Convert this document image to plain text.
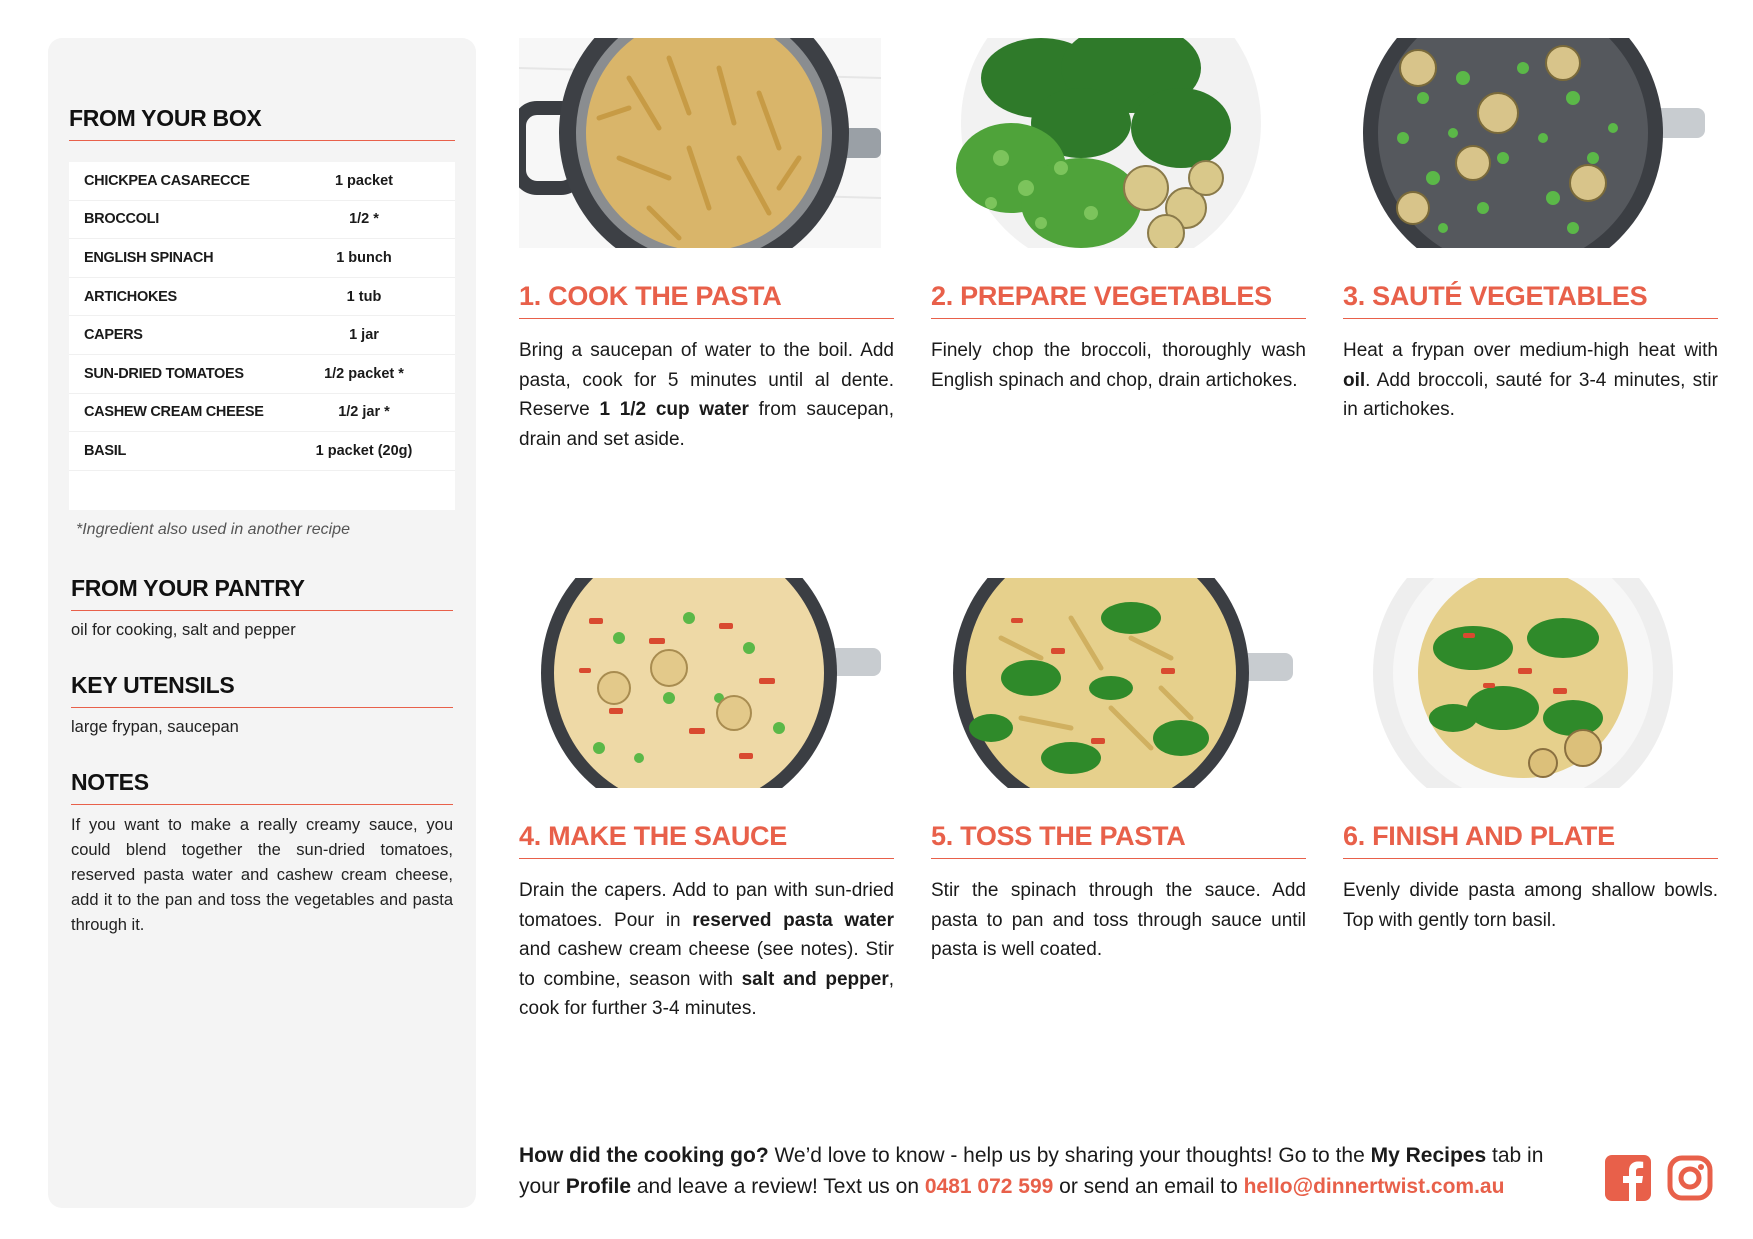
FROM YOUR BOX
CHICKPEA CASARECCE	1 packet
BROCCOLI	1/2 *
ENGLISH SPINACH	1 bunch
ARTICHOKES	1 tub
CAPERS	1 jar
SUN-DRIED TOMATOES	1/2 packet *
CASHEW CREAM CHEESE	1/2 jar *
BASIL	1 packet (20g)
*Ingredient also used in another recipe
FROM YOUR PANTRY
oil for cooking, salt and pepper
KEY UTENSILS
large frypan, saucepan
NOTES
If you want to make a really creamy sauce, you could blend together the sun-dried tomatoes, reserved pasta water and cashew cream cheese, add it to the pan and toss the vegetables and pasta through it.
1. COOK THE PASTA
Bring a saucepan of water to the boil. Add pasta, cook for 5 minutes until al dente. Reserve 1 1/2 cup water from saucepan, drain and set aside.
2. PREPARE VEGETABLES
Finely chop the broccoli, thoroughly wash English spinach and chop, drain artichokes.
3. SAUTÉ VEGETABLES
Heat a frypan over medium-high heat with oil. Add broccoli, sauté for 3-4 minutes, stir in artichokes.
4. MAKE THE SAUCE
Drain the capers. Add to pan with sun-dried tomatoes. Pour in reserved pasta water and cashew cream cheese (see notes). Stir to combine, season with salt and pepper, cook for further 3-4 minutes.
5. TOSS THE PASTA
Stir the spinach through the sauce. Add pasta to pan and toss through sauce until pasta is well coated.
6. FINISH AND PLATE
Evenly divide pasta among shallow bowls. Top with gently torn basil.
How did the cooking go? We’d love to know - help us by sharing your thoughts! Go to the My Recipes tab in your Profile and leave a review! Text us on 0481 072 599 or send an email to hello@dinnertwist.com.au
